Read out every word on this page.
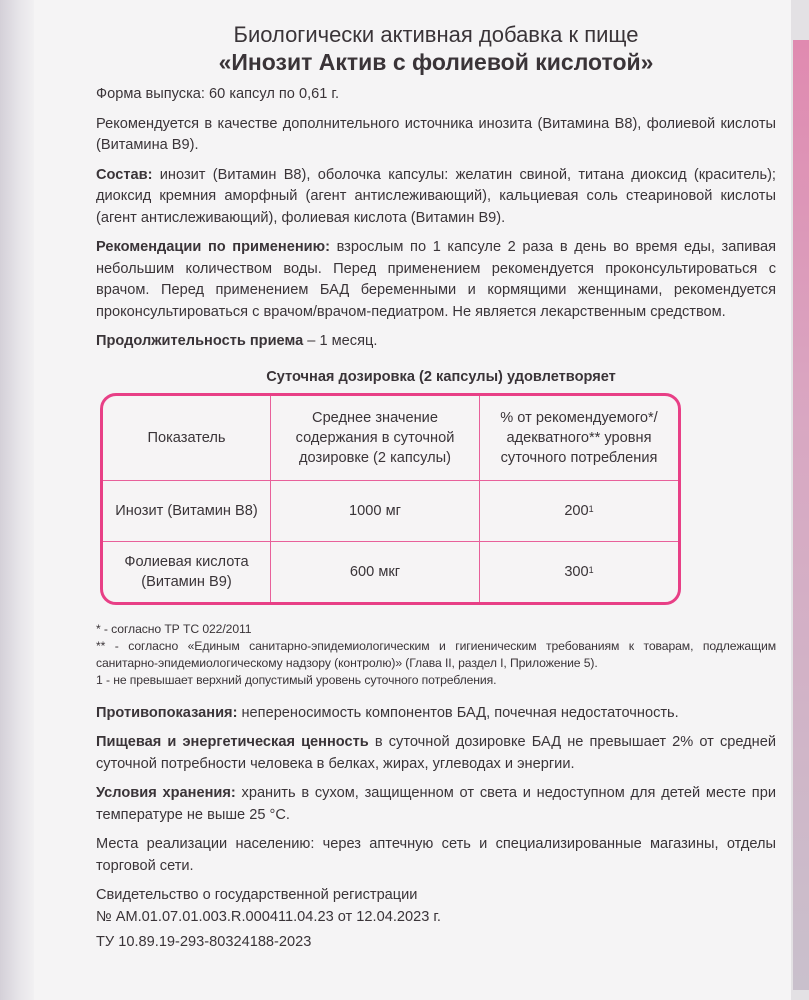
Биологически активная добавка к пище
«Инозит Актив с фолиевой кислотой»

Форма выпуска: 60 капсул по 0,61 г.

Рекомендуется в качестве дополнительного источника инозита (Витамина В8), фолиевой кислоты (Витамина В9).

Состав: инозит (Витамин В8), оболочка капсулы: желатин свиной, титана диоксид (краситель); диоксид кремния аморфный (агент антислеживающий), кальциевая соль стеариновой кислоты (агент антислеживающий), фолиевая кислота (Витамин В9).

Рекомендации по применению: взрослым по 1 капсуле 2 раза в день во время еды, запивая небольшим количеством воды. Перед применением рекомендуется проконсультироваться с врачом. Перед применением БАД беременными и кормящими женщинами, рекомендуется проконсультироваться с врачом/врачом-педиатром. Не является лекарственным средством.

Продолжительность приема – 1 месяц.

Суточная дозировка (2 капсулы) удовлетворяет
Показатель	Среднее значение содержания в суточной дозировке (2 капсулы)	% от рекомендуемого*/ адекватного** уровня суточного потребления
Инозит (Витамин В8)	1000 мг	$200^1$
Фолиевая кислота (Витамин В9)	600 мкг	$300^1$

* - согласно ТР ТС 022/2011

** - согласно «Единым санитарно-эпидемиологическим и гигиеническим требованиям к товарам, подлежащим санитарно-эпидемиологическому надзору (контролю)» (Глава II, раздел I, Приложение 5).

1 - не превышает верхний допустимый уровень суточного потребления.

Противопоказания: непереносимость компонентов БАД, почечная недостаточность.

Пищевая и энергетическая ценность в суточной дозировке БАД не превышает 2% от средней суточной потребности человека в белках, жирах, углеводах и энергии.

Условия хранения: хранить в сухом, защищенном от света и недоступном для детей месте при температуре не выше 25 °С.

Места реализации населению: через аптечную сеть и специализированные магазины, отделы торговой сети.

Свидетельство о государственной регистрации
№ AM.01.07.01.003.R.000411.04.23 от 12.04.2023 г.

ТУ 10.89.19-293-80324188-2023
